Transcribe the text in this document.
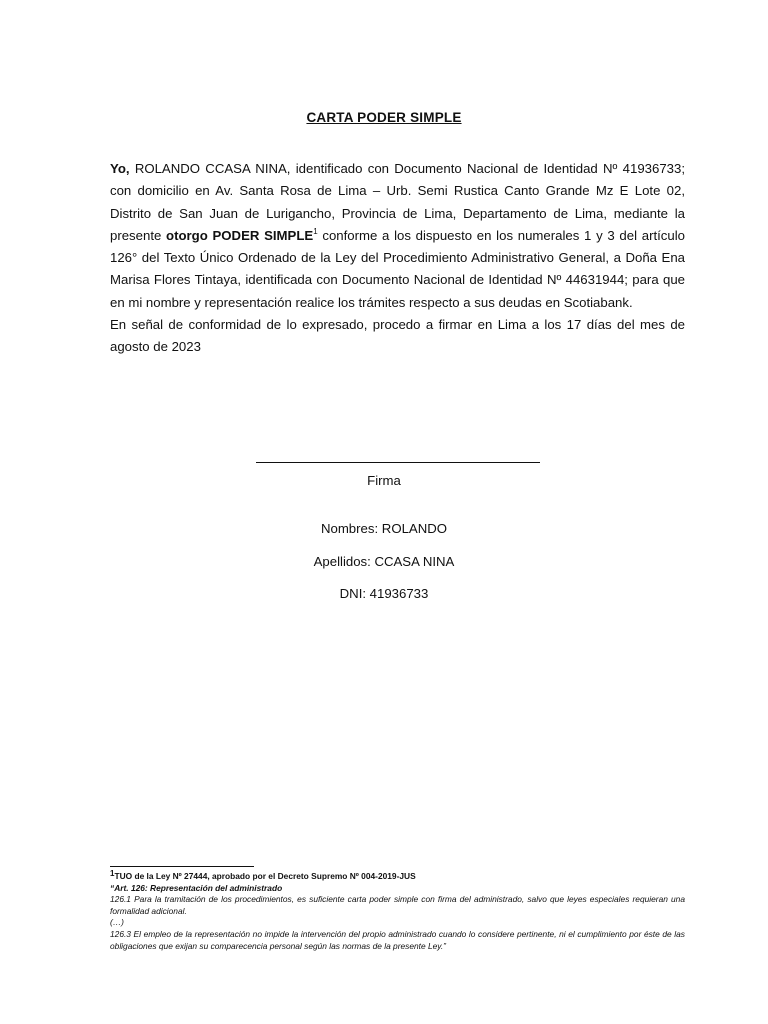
CARTA PODER SIMPLE

Yo, ROLANDO CCASA NINA, identificado con Documento Nacional de Identidad Nº 41936733; con domicilio en Av. Santa Rosa de Lima – Urb. Semi Rustica Canto Grande Mz E Lote 02, Distrito de San Juan de Lurigancho, Provincia de Lima, Departamento de Lima, mediante la presente otorgo PODER SIMPLE$^1$ conforme a los dispuesto en los numerales 1 y 3 del artículo 126° del Texto Único Ordenado de la Ley del Procedimiento Administrativo General, a Doña Ena Marisa Flores Tintaya, identificada con Documento Nacional de Identidad Nº 44631944; para que en mi nombre y representación realice los trámites respecto a sus deudas en Scotiabank.

En señal de conformidad de lo expresado, procedo a firmar en Lima a los 17 días del mes de agosto de 2023

Firma
Nombres: ROLANDO
Apellidos: CCASA NINA
DNI: 41936733
$^1$TUO de la Ley Nº 27444, aprobado por el Decreto Supremo Nº 004-2019-JUS
“Art. 126: Representación del administrado
126.1 Para la tramitación de los procedimientos, es suficiente carta poder simple con firma del administrado, salvo que leyes especiales requieran una formalidad adicional.
(…)
126.3 El empleo de la representación no impide la intervención del propio administrado cuando lo considere pertinente, ni el cumplimiento por éste de las obligaciones que exijan su comparecencia personal según las normas de la presente Ley.”
